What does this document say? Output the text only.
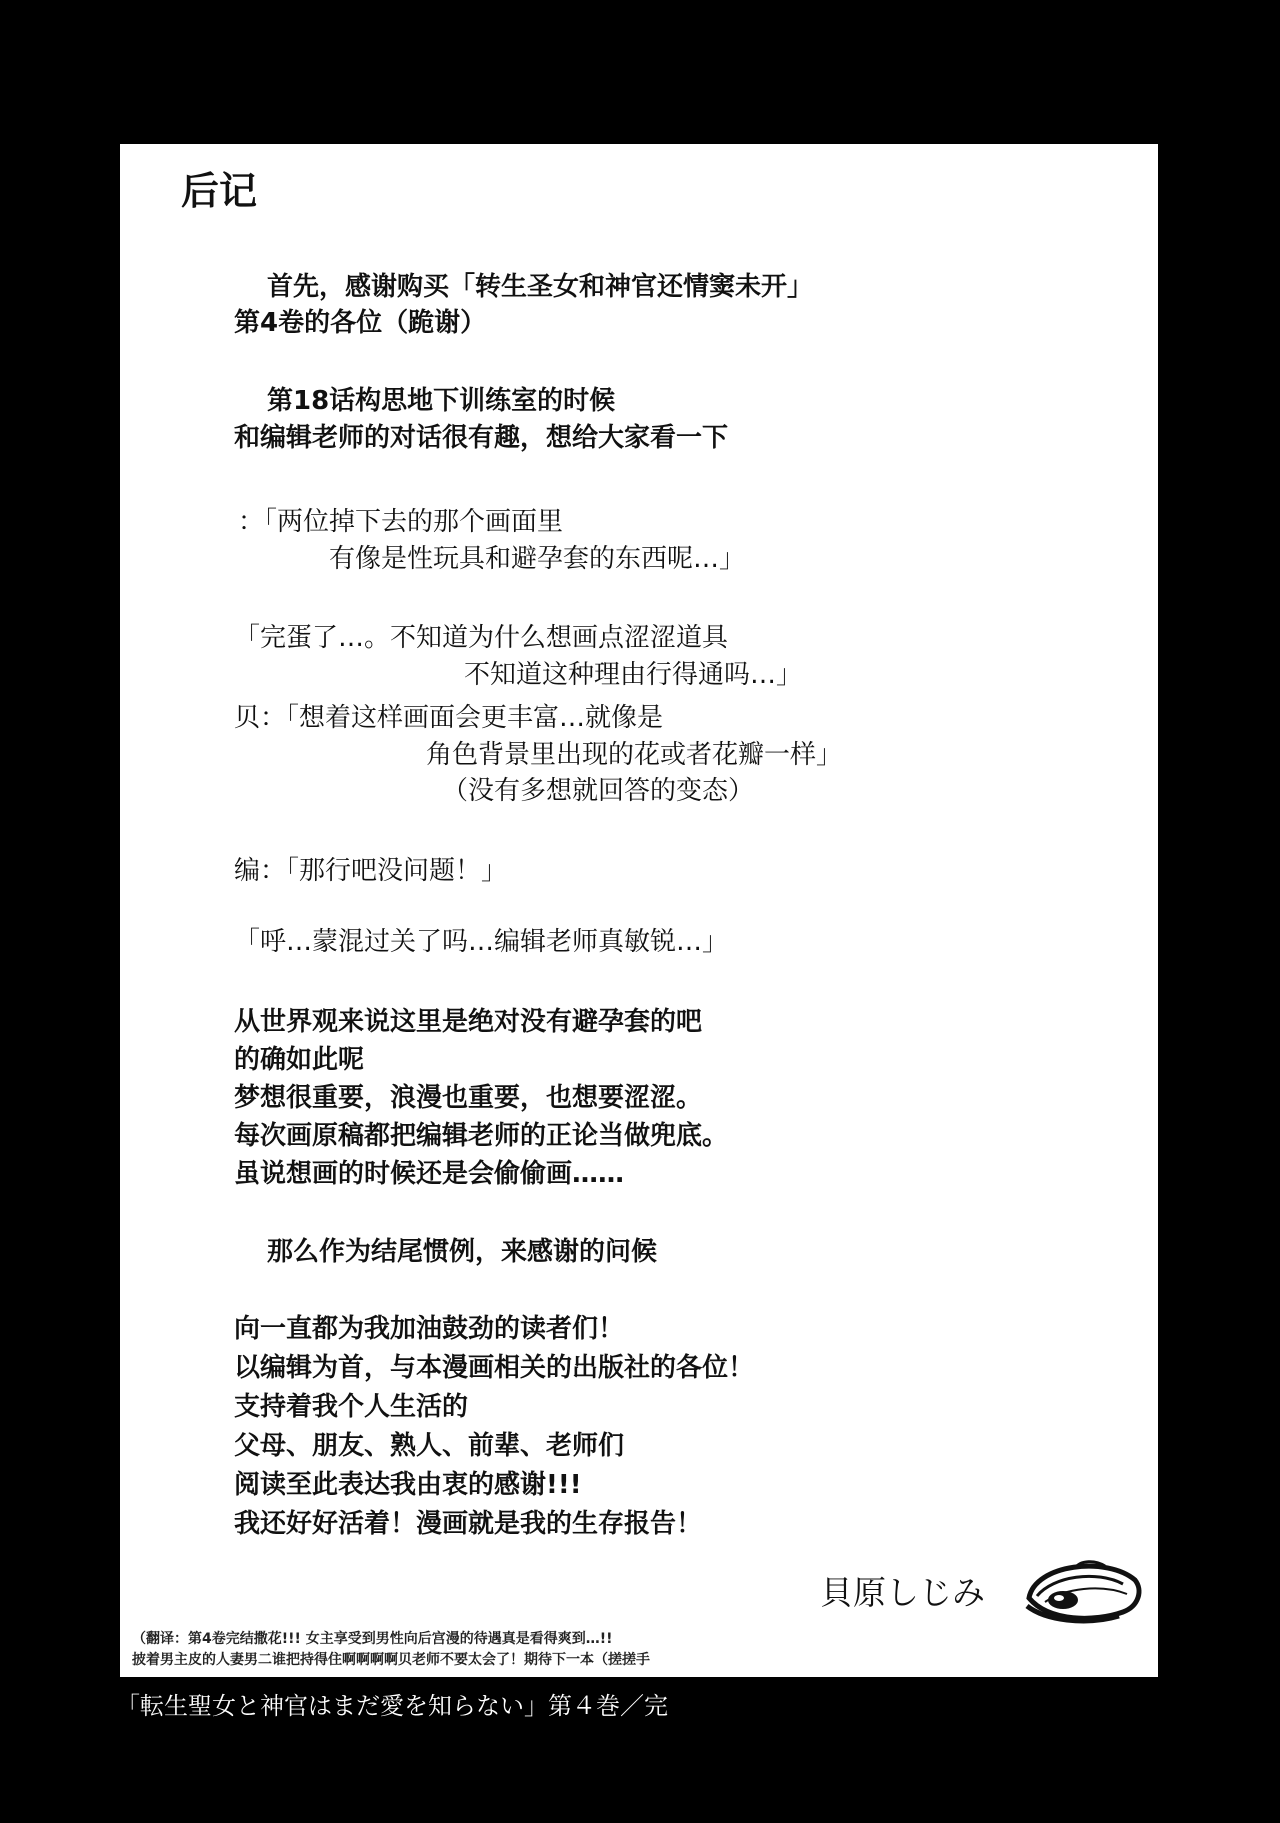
后记
首先，感谢购买「转生圣女和神官还情窦未开」
第4卷的各位（跪谢）
第18话构思地下训练室的时候
和编辑老师的对话很有趣，想给大家看一下
：「两位掉下去的那个画面里
有像是性玩具和避孕套的东西呢…」
「完蛋了…。不知道为什么想画点涩涩道具
不知道这种理由行得通吗…」
贝：「想着这样画面会更丰富…就像是
角色背景里出现的花或者花瓣一样」
（没有多想就回答的变态）
编：「那行吧没问题！」
「呼…蒙混过关了吗…编辑老师真敏锐…」
从世界观来说这里是绝对没有避孕套的吧
的确如此呢
梦想很重要，浪漫也重要，也想要涩涩。
每次画原稿都把编辑老师的正论当做兜底。
虽说想画的时候还是会偷偷画……
那么作为结尾惯例，来感谢的问候
向一直都为我加油鼓劲的读者们！
以编辑为首，与本漫画相关的出版社的各位！
支持着我个人生活的
父母、朋友、熟人、前辈、老师们
阅读至此表达我由衷的感谢!!!
我还好好活着！漫画就是我的生存报告！
貝原しじみ
（翻译：第4卷完结撒花!!! 女主享受到男性向后宫漫的待遇真是看得爽到…!!
披着男主皮的人妻男二谁把持得住啊啊啊啊贝老师不要太会了！期待下一本（搓搓手
「転生聖女と神官はまだ愛を知らない」第４巻／完
